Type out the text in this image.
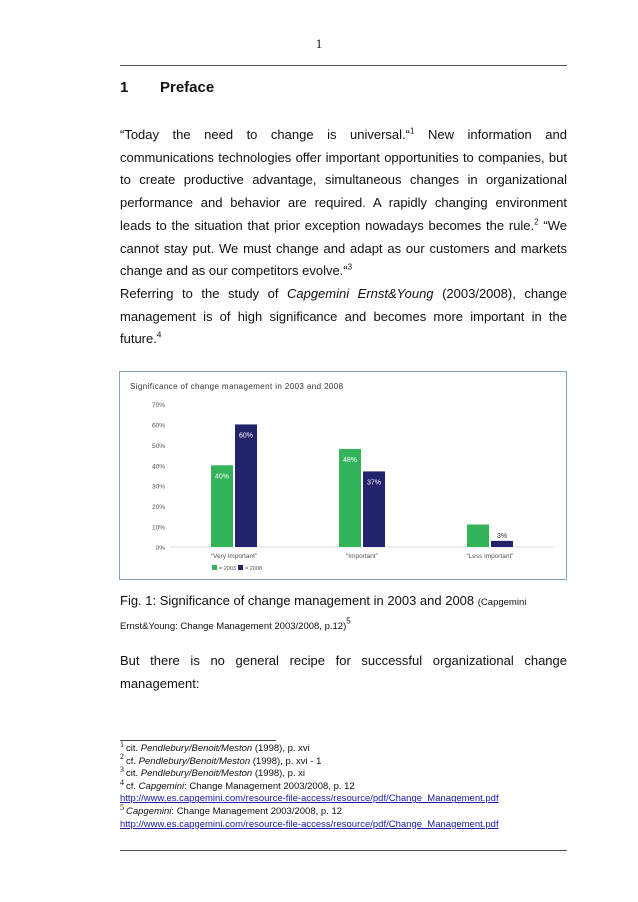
1
1 Preface

“Today the need to change is universal.“$^1$ New information and communications technologies offer important opportunities to companies, but to create productive advantage, simultaneous changes in organizational performance and behavior are required. A rapidly changing environment leads to the situation that prior exception nowadays becomes the rule.$^2$ “We cannot stay put. We must change and adapt as our customers and markets change and as our competitors evolve.“$^3$

Referring to the study of Capgemini Ernst&Young (2003/2008), change management is of high significance and becomes more important in the future.$^4$

Significance of change management in 2003 and 2008
0%
10%
20%
30%
40%
50%
60%
70%
40%
60%
“Very important”
48%
37%
“Important”
11%
3%
“Less important”
= 2003 = 2008
Fig. 1: Significance of change management in 2003 and 2008 (Capgemini Ernst&Young: Change Management 2003/2008, p.12)$^5$
But there is no general recipe for successful organizational change management:
$^1$ cit. Pendlebury/Benoit/Meston (1998), p. xvi
$^2$ cf. Pendlebury/Benoit/Meston (1998), p. xvi - 1
$^3$ cit. Pendlebury/Benoit/Meston (1998), p. xi
$^4$ cf. Capgemini: Change Management 2003/2008, p. 12
http://www.es.capgemini.com/resource-file-access/resource/pdf/Change_Management.pdf
$^5$ Capgemini: Change Management 2003/2008, p. 12
http://www.es.capgemini.com/resource-file-access/resource/pdf/Change_Management.pdf
